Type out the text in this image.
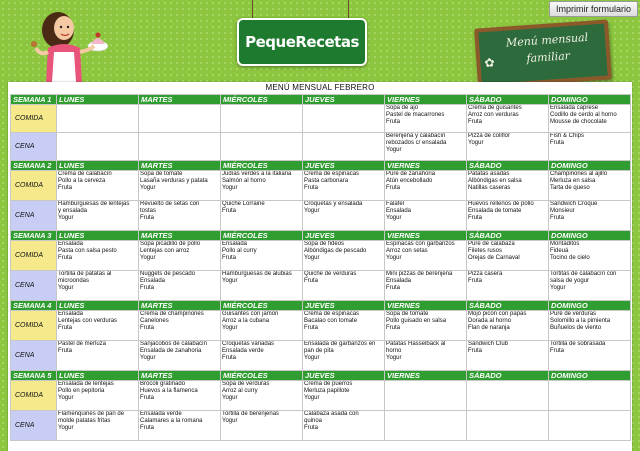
PequeRecetas	Menú mensual
familiar
✿
Imprimir formulario
MENÚ MENSUAL FEBRERO
SEMANA 1	LUNES	MARTES	MIÉRCOLES	JUEVES	VIERNES	SÁBADO	DOMINGO
COMIDA					Sopa de ajo
Pastel de macarrones
Fruta	Crema de guisantes
Arroz con verduras
Fruta	Ensalada caprese
Codillo de cerdo al horno
Mousse de chocolate

CENA					Berenjena y calabacín
rebozados c/ ensalada
Yogur	Pizza de coliflor
Yogur	Fish & Chips
Fruta

SEMANA 2	LUNES	MARTES	MIÉRCOLES	JUEVES	VIERNES	SÁBADO	DOMINGO
COMIDA	Crema de calabacín
Pollo a la cerveza
Fruta	Sopa de tomate
Lasaña verduras y patata
Yogur	Judías verdes a la italiana
Salmón al horno
Yogur	Crema de espinacas
Pasta carbonara
Fruta	Puré de zanahoria
Atún encebollado
Fruta	Patatas asadas
Albóndigas en salsa
Natillas caseras	Champiñones al ajillo
Merluza en salsa
Tarta de queso

CENA	Hamburguesas de lentejas
y ensalada
Yogur	Revuelto de setas con
tostas
Fruta	Quiche Lorraine
Fruta	Croquetas y ensalada
Yogur	Falafel
Ensalada
Yogur	Huevos rellenos de pollo
Ensalada de tomate
Fruta	Sándwich Croque
Monsieur
Fruta

SEMANA 3	LUNES	MARTES	MIÉRCOLES	JUEVES	VIERNES	SÁBADO	DOMINGO
COMIDA	Ensalada
Pasta con salsa pesto
Fruta	Sopa picadillo de pollo
Lentejas con arroz
Yogur	Ensalada
Pollo al curry
Fruta	Sopa de fideos
Albóndigas de pescado
Yogur	Espinacas con garbanzos
Arroz con setas
Yogur	Puré de calabaza
Filetes rusos
Orejas de Carnaval	Montaditos
Fideuá
Tocino de cielo

CENA	Tortilla de patatas al
microondas
Yogur	Nuggets de pescado
Ensalada
Fruta	Hamburguesas de alubias
Yogur	Quiche de verduras
Fruta	Mini pizzas de berenjena
Ensalada
Fruta	Pizza casera
Fruta	Tortitas de calabacín con
salsa de yogur
Yogur

SEMANA 4	LUNES	MARTES	MIÉRCOLES	JUEVES	VIERNES	SÁBADO	DOMINGO
COMIDA	Ensalada
Lentejas con verduras
Fruta	Crema de champiñones
Canelones
Fruta	Guisantes con jamón
Arroz a la cubana
Yogur	Crema de espinacas
Bacalao con tomate
Fruta	Sopa de tomate
Pollo guisado en salsa
Fruta	Mojó picón con papas
Dorada al horno
Flan de naranja	Puré de verduras
Solomillo a la pimienta
Buñuelos de viento

CENA	Pastel de merluza
Fruta	Sanjacobos de calabacín
Ensalada de zanahoria
Yogur	Croquetas variadas
Ensalada verde
Fruta	Ensalada de garbanzos en
pan de pita
Yogur	Patatas Hasselback al
horno
Yogur	Sándwich Club
Fruta	Tortilla de sobrasada
Fruta

SEMANA 5	LUNES	MARTES	MIÉRCOLES	JUEVES	VIERNES	SÁBADO	DOMINGO
COMIDA	Ensalada de lentejas
Pollo en pepitoria
Yogur	Brócoli gratinado
Huevos a la flamenca
Fruta	Sopa de verduras
Arroz al curry
Yogur	Crema de puerros
Merluza papillote
Yogur			

CENA	Flamenquines de pan de
molde patatas fritas
Yogur	Ensalada verde
Calamares a la romana
Fruta	Tortilla de berenjenas
Yogur	Calabaza asada con
quinoa
Fruta			
